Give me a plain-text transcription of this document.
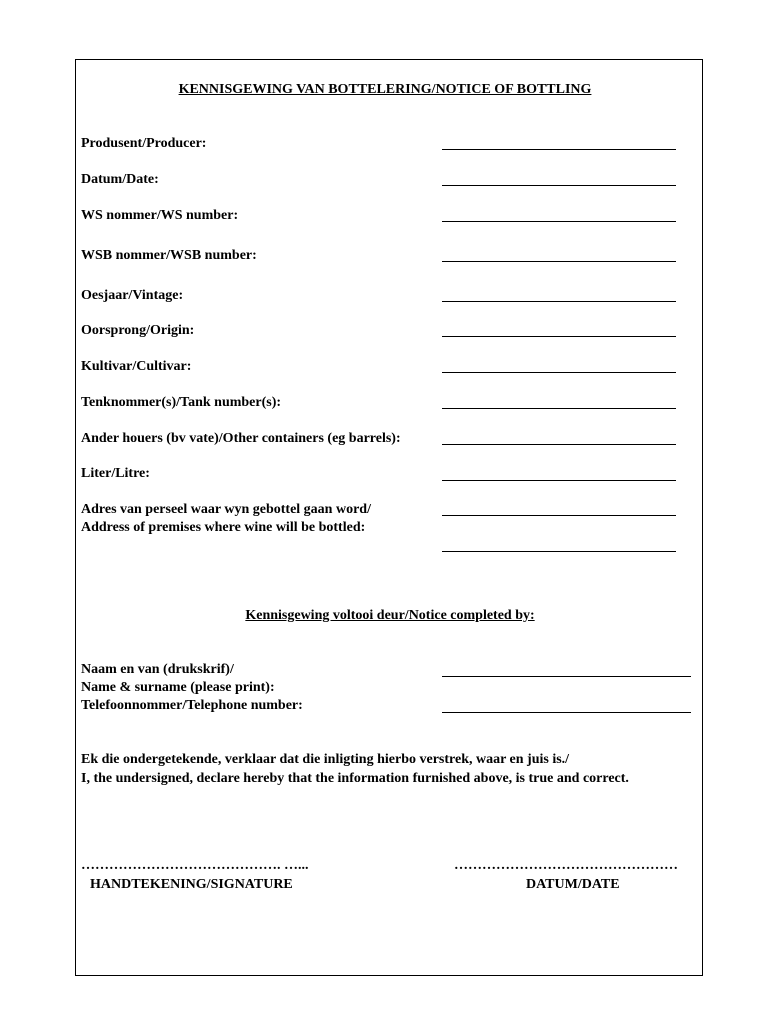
KENNISGEWING VAN BOTTELERING/NOTICE OF BOTTLING
Produsent/Producer:
Datum/Date:
WS nommer/WS number:
WSB nommer/WSB number:
Oesjaar/Vintage:
Oorsprong/Origin:
Kultivar/Cultivar:
Tenknommer(s)/Tank number(s):
Ander houers (bv vate)/Other containers (eg barrels):
Liter/Litre:
Adres van perseel waar wyn gebottel gaan word/
Address of premises where wine will be bottled:
Kennisgewing voltooi deur/Notice completed by:
Naam en van (drukskrif)/
Name & surname (please print):
Telefoonnommer/Telephone number:
Ek die ondergetekende, verklaar dat die inligting hierbo verstrek, waar en juis is./
I, the undersigned, declare hereby that the information furnished above, is true and correct.
……………………………………. …...	…………………………………………
HANDTEKENING/SIGNATURE	DATUM/DATE
